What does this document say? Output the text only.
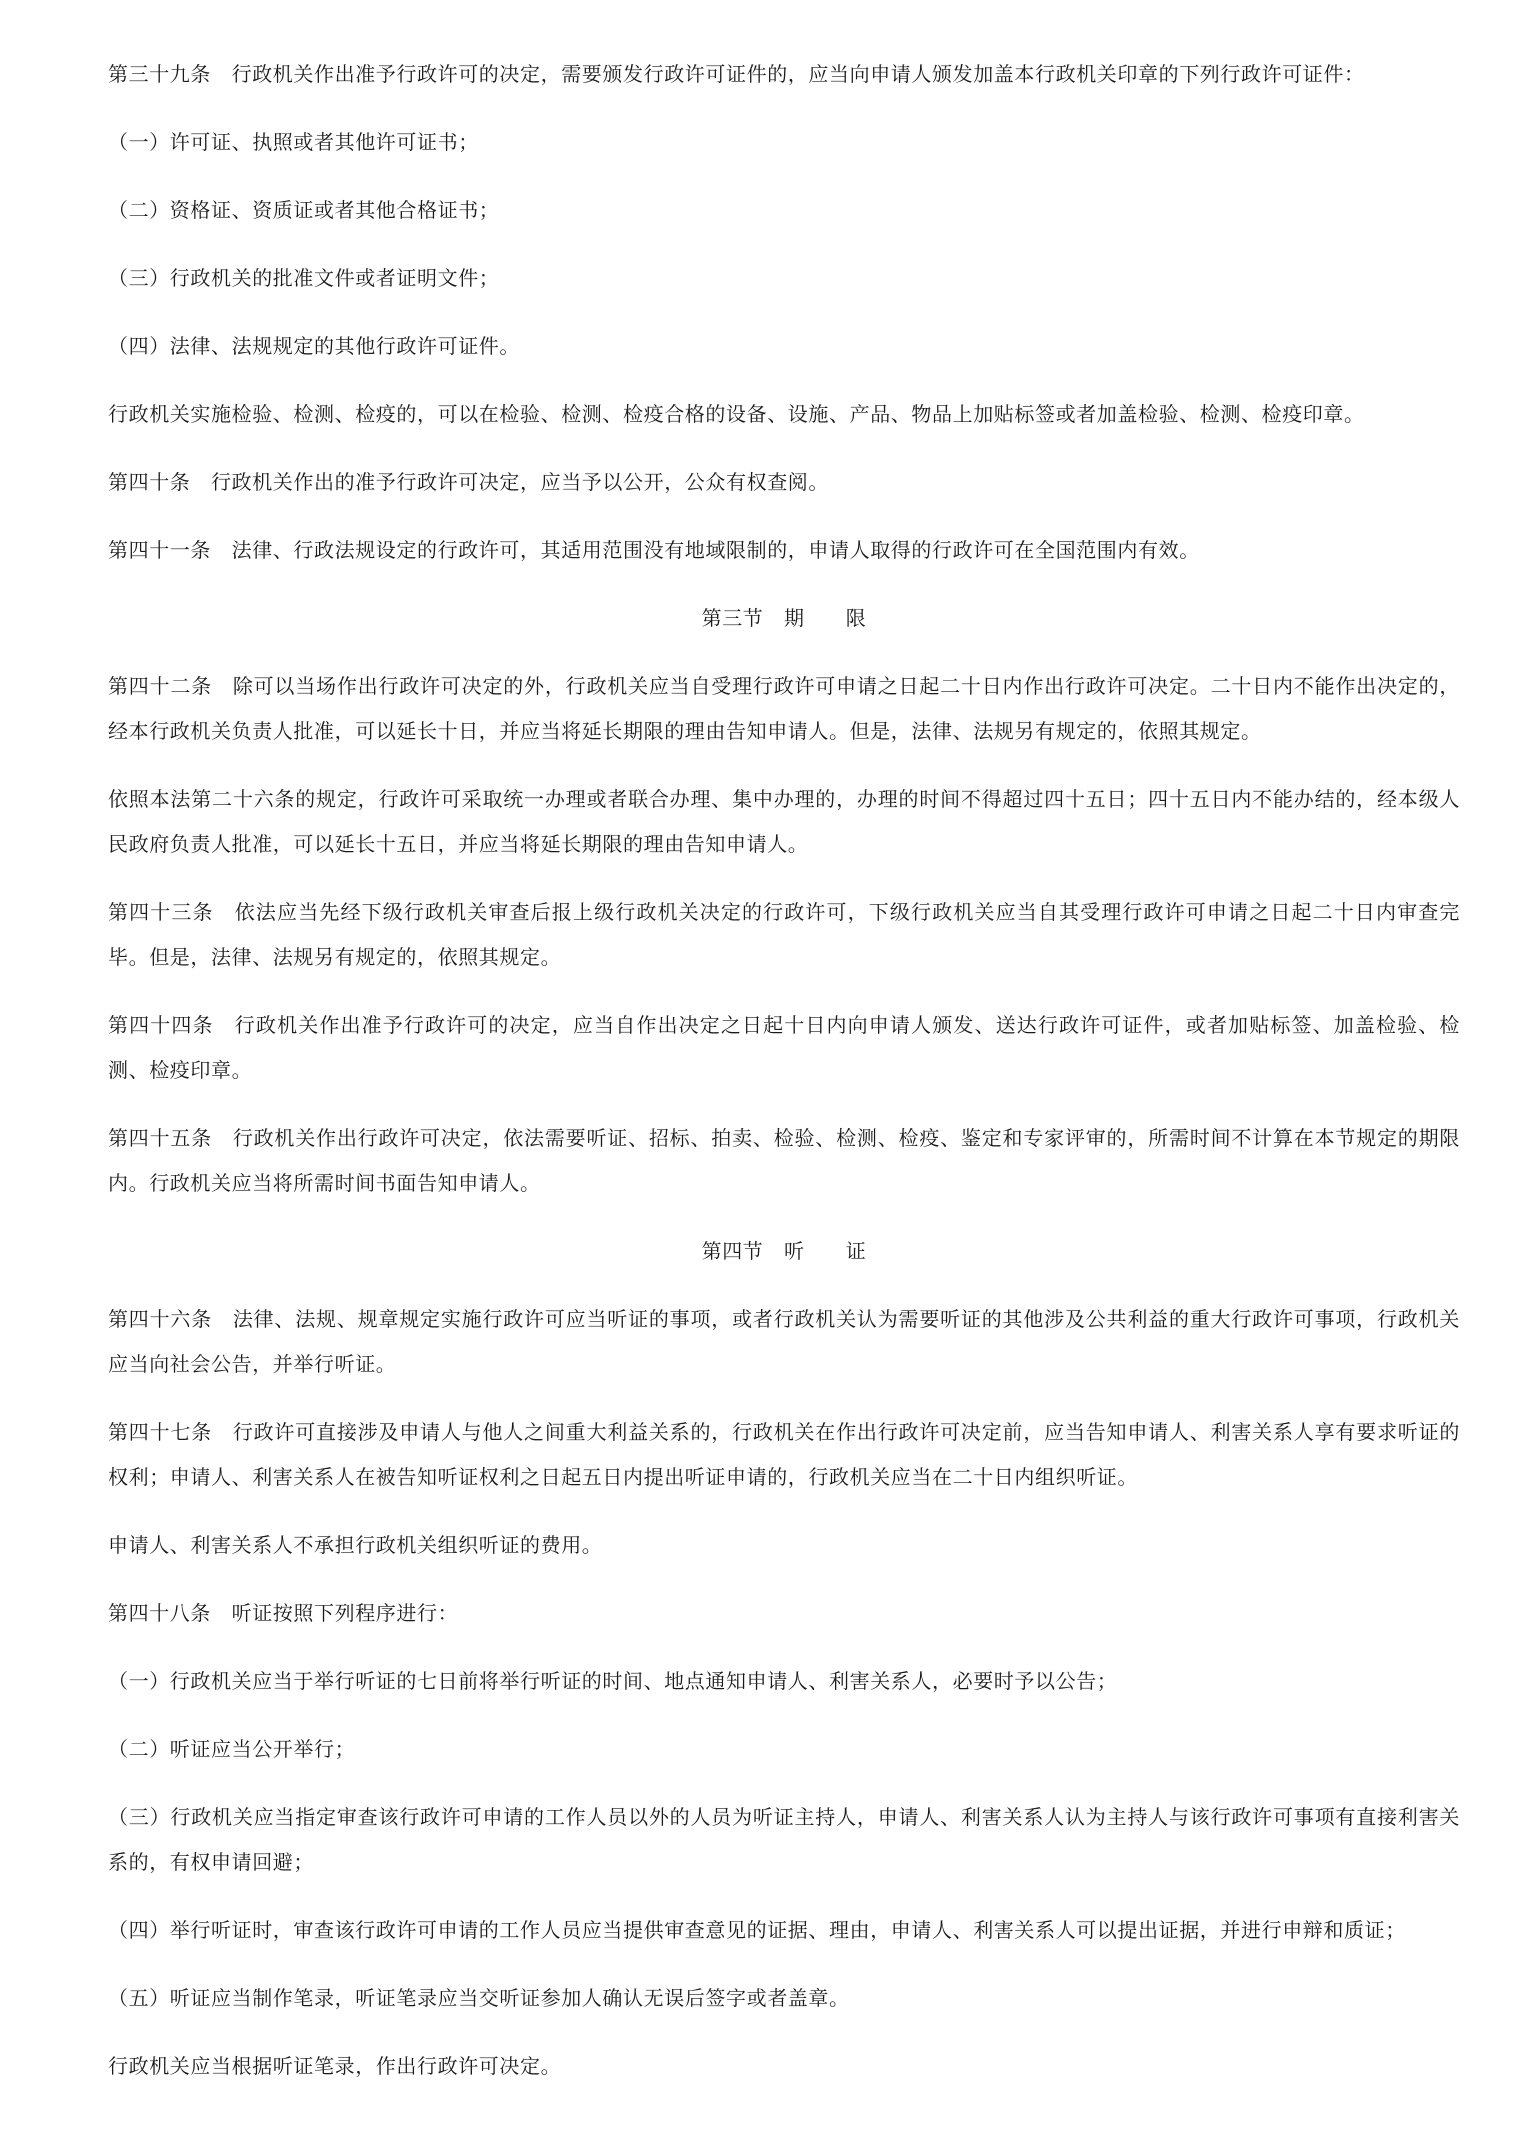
第三十九条　行政机关作出准予行政许可的决定，需要颁发行政许可证件的，应当向申请人颁发加盖本行政机关印章的下列行政许可证件：

（一）许可证、执照或者其他许可证书；

（二）资格证、资质证或者其他合格证书；

（三）行政机关的批准文件或者证明文件；

（四）法律、法规规定的其他行政许可证件。

行政机关实施检验、检测、检疫的，可以在检验、检测、检疫合格的设备、设施、产品、物品上加贴标签或者加盖检验、检测、检疫印章。

第四十条　行政机关作出的准予行政许可决定，应当予以公开，公众有权查阅。

第四十一条　法律、行政法规设定的行政许可，其适用范围没有地域限制的，申请人取得的行政许可在全国范围内有效。

第三节　期　　限

第四十二条　除可以当场作出行政许可决定的外，行政机关应当自受理行政许可申请之日起二十日内作出行政许可决定。二十日内不能作出决定的，经本行政机关负责人批准，可以延长十日，并应当将延长期限的理由告知申请人。但是，法律、法规另有规定的，依照其规定。

依照本法第二十六条的规定，行政许可采取统一办理或者联合办理、集中办理的，办理的时间不得超过四十五日；四十五日内不能办结的，经本级人民政府负责人批准，可以延长十五日，并应当将延长期限的理由告知申请人。

第四十三条　依法应当先经下级行政机关审查后报上级行政机关决定的行政许可，下级行政机关应当自其受理行政许可申请之日起二十日内审查完毕。但是，法律、法规另有规定的，依照其规定。

第四十四条　行政机关作出准予行政许可的决定，应当自作出决定之日起十日内向申请人颁发、送达行政许可证件，或者加贴标签、加盖检验、检测、检疫印章。

第四十五条　行政机关作出行政许可决定，依法需要听证、招标、拍卖、检验、检测、检疫、鉴定和专家评审的，所需时间不计算在本节规定的期限内。行政机关应当将所需时间书面告知申请人。

第四节　听　　证

第四十六条　法律、法规、规章规定实施行政许可应当听证的事项，或者行政机关认为需要听证的其他涉及公共利益的重大行政许可事项，行政机关应当向社会公告，并举行听证。

第四十七条　行政许可直接涉及申请人与他人之间重大利益关系的，行政机关在作出行政许可决定前，应当告知申请人、利害关系人享有要求听证的权利；申请人、利害关系人在被告知听证权利之日起五日内提出听证申请的，行政机关应当在二十日内组织听证。

申请人、利害关系人不承担行政机关组织听证的费用。

第四十八条　听证按照下列程序进行：

（一）行政机关应当于举行听证的七日前将举行听证的时间、地点通知申请人、利害关系人，必要时予以公告；

（二）听证应当公开举行；

（三）行政机关应当指定审查该行政许可申请的工作人员以外的人员为听证主持人，申请人、利害关系人认为主持人与该行政许可事项有直接利害关系的，有权申请回避；

（四）举行听证时，审查该行政许可申请的工作人员应当提供审查意见的证据、理由，申请人、利害关系人可以提出证据，并进行申辩和质证；

（五）听证应当制作笔录，听证笔录应当交听证参加人确认无误后签字或者盖章。

行政机关应当根据听证笔录，作出行政许可决定。
